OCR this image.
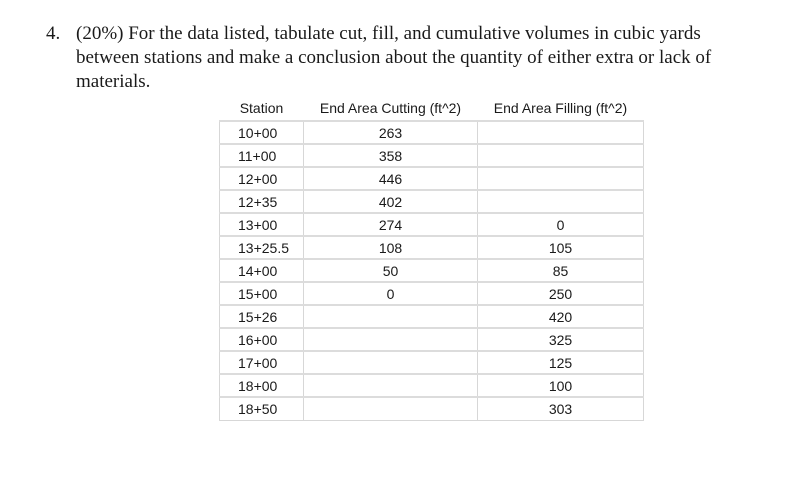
4. (20%) For the data listed, tabulate cut, fill, and cumulative volumes in cubic yards between stations and make a conclusion about the quantity of either extra or lack of materials.
Station	End Area Cutting (ft^2)	End Area Filling (ft^2)
10+00	263	
11+00	358	
12+00	446	
12+35	402	
13+00	274	0
13+25.5	108	105
14+00	50	85
15+00	0	250
15+26		420
16+00		325
17+00		125
18+00		100
18+50		303
